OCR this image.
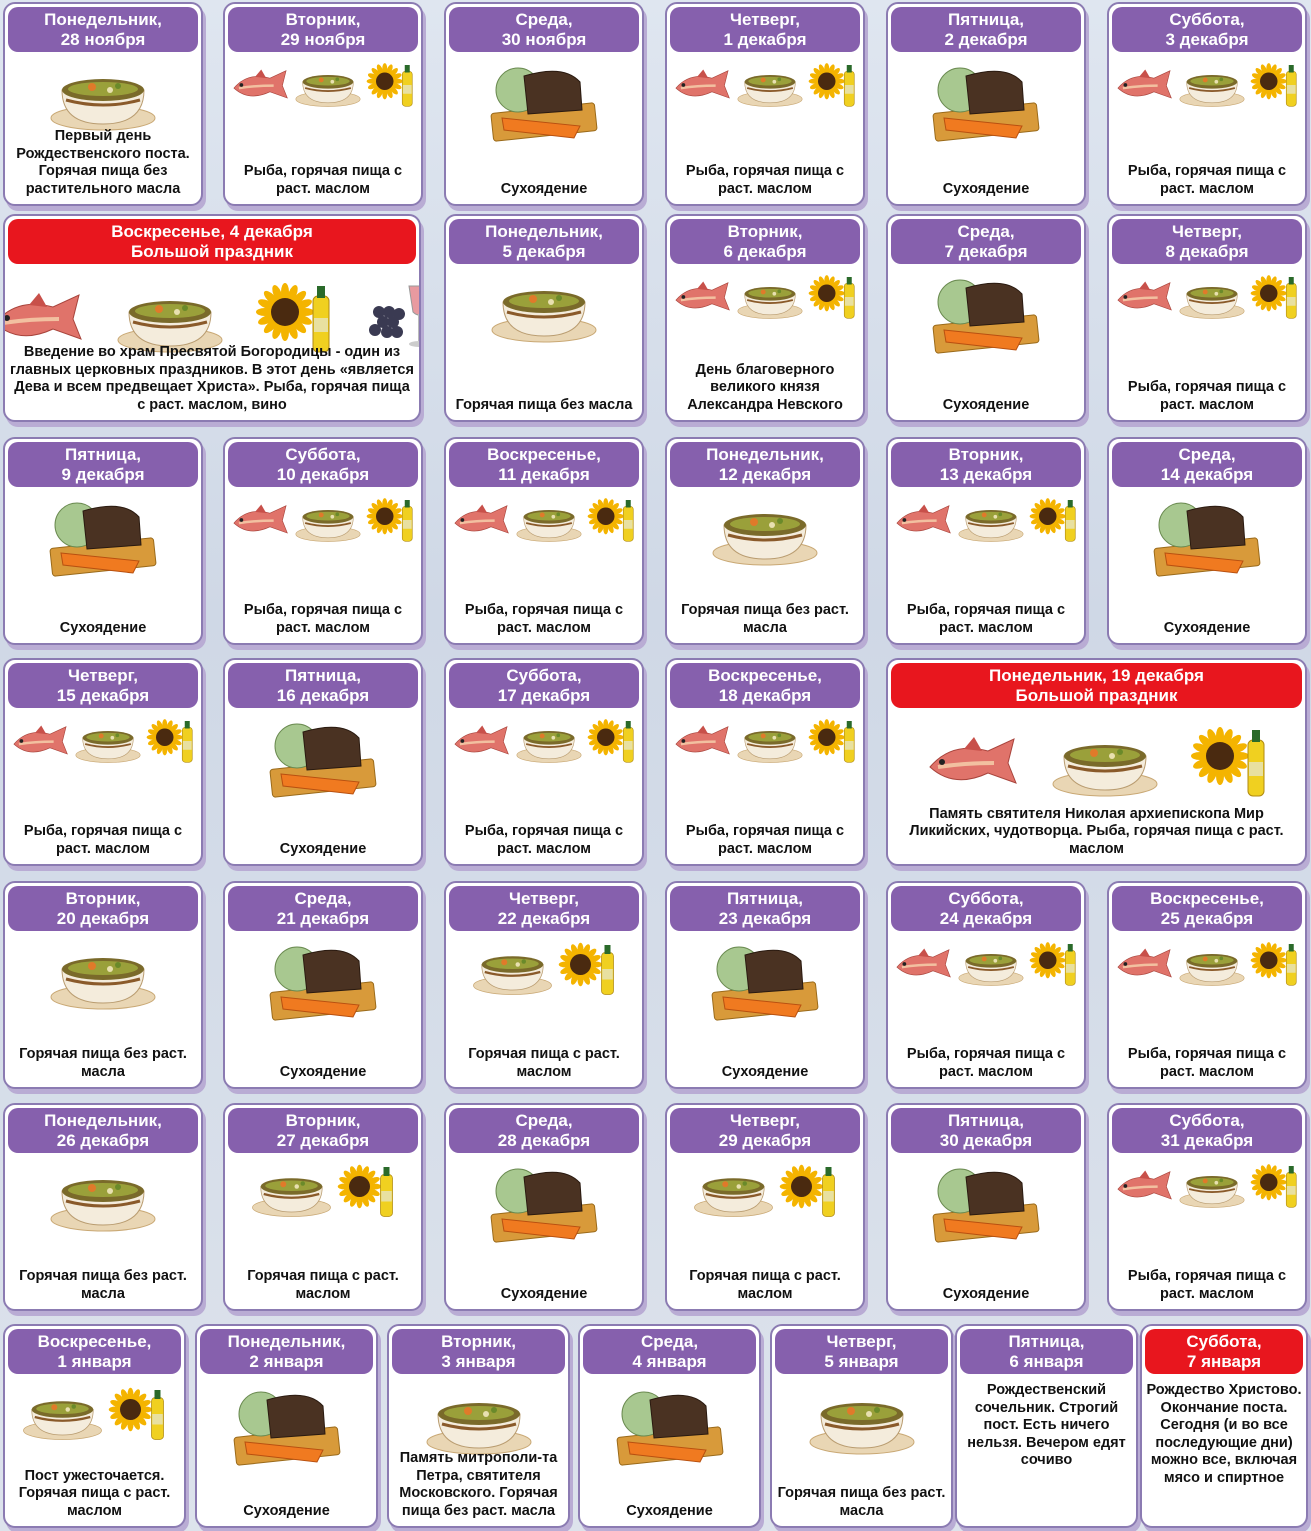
Понедельник,
28 ноября
Первый день Рождественского поста. Горячая пища без растительного масла
Вторник,
29 ноября
Рыба, горячая пища с раст. маслом
Среда,
30 ноября
Сухоядение
Четверг,
1 декабря
Рыба, горячая пища с раст. маслом
Пятница,
2 декабря
Сухоядение
Суббота,
3 декабря
Рыба, горячая пища с раст. маслом
Воскресенье, 4 декабря
Большой праздник
Введение во храм Пресвятой Богородицы - один из главных церковных праздников. В этот день «является Дева и всем предвещает Христа». Рыба, горячая пища с раст. маслом, вино
Понедельник,
5 декабря
Горячая пища без масла
Вторник,
6 декабря
День благоверного великого князя Александра Невского
Среда,
7 декабря
Сухоядение
Четверг,
8 декабря
Рыба, горячая пища с раст. маслом
Пятница,
9 декабря
Сухоядение
Суббота,
10 декабря
Рыба, горячая пища с раст. маслом
Воскресенье,
11 декабря
Рыба, горячая пища с раст. маслом
Понедельник,
12 декабря
Горячая пища без раст. масла
Вторник,
13 декабря
Рыба, горячая пища с раст. маслом
Среда,
14 декабря
Сухоядение
Четверг,
15 декабря
Рыба, горячая пища с раст. маслом
Пятница,
16 декабря
Сухоядение
Суббота,
17 декабря
Рыба, горячая пища с раст. маслом
Воскресенье,
18 декабря
Рыба, горячая пища с раст. маслом
Понедельник, 19 декабря
Большой праздник
Память святителя Николая архиепископа Мир Ликийских, чудотворца. Рыба, горячая пища с раст. маслом
Вторник,
20 декабря
Горячая пища без раст. масла
Среда,
21 декабря
Сухоядение
Четверг,
22 декабря
Горячая пища с раст. маслом
Пятница,
23 декабря
Сухоядение
Суббота,
24 декабря
Рыба, горячая пища с раст. маслом
Воскресенье,
25 декабря
Рыба, горячая пища с раст. маслом
Понедельник,
26 декабря
Горячая пища без раст. масла
Вторник,
27 декабря
Горячая пища с раст. маслом
Среда,
28 декабря
Сухоядение
Четверг,
29 декабря
Горячая пища с раст. маслом
Пятница,
30 декабря
Сухоядение
Суббота,
31 декабря
Рыба, горячая пища с раст. маслом
Воскресенье,
1 января
Пост ужесточается. Горячая пища с раст. маслом
Понедельник,
2 января
Сухоядение
Вторник,
3 января
Память митрополи-та Петра, святителя Московского. Горячая пища без раст. масла
Среда,
4 января
Сухоядение
Четверг,
5 января
Горячая пища без раст. масла
Пятница,
6 января
Рождественский сочельник. Строгий пост. Есть ничего нельзя. Вечером едят сочиво
Суббота,
7 января
Рождество Христово. Окончание поста. Сегодня (и во все последующие дни) можно все, включая мясо и спиртное
